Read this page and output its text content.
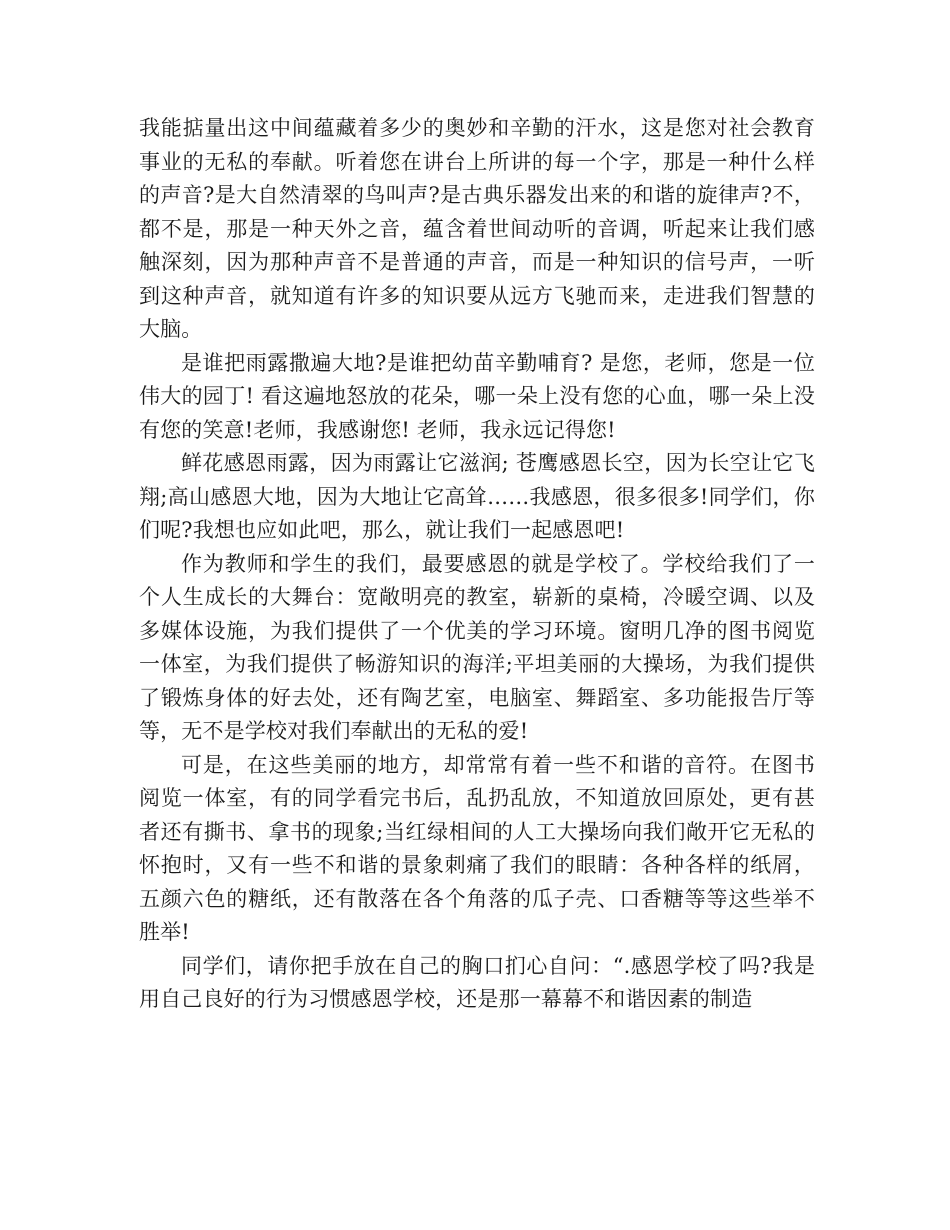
我能掂量出这中间蕴藏着多少的奥妙和辛勤的汗水，这是您对社会教育事业的无私的奉献。听着您在讲台上所讲的每一个字，那是一种什么样的声音?是大自然清翠的鸟叫声?是古典乐器发出来的和谐的旋律声?不，都不是，那是一种天外之音，蕴含着世间动听的音调，听起来让我们感触深刻，因为那种声音不是普通的声音，而是一种知识的信号声，一听到这种声音，就知道有许多的知识要从远方飞驰而来，走进我们智慧的大脑。

是谁把雨露撒遍大地?是谁把幼苗辛勤哺育? 是您，老师，您是一位伟大的园丁! 看这遍地怒放的花朵，哪一朵上没有您的心血，哪一朵上没有您的笑意!老师，我感谢您! 老师，我永远记得您!

鲜花感恩雨露，因为雨露让它滋润; 苍鹰感恩长空，因为长空让它飞翔;高山感恩大地，因为大地让它高耸……我感恩，很多很多!同学们，你们呢?我想也应如此吧，那么，就让我们一起感恩吧!

作为教师和学生的我们，最要感恩的就是学校了。学校给我们了一个人生成长的大舞台：宽敞明亮的教室，崭新的桌椅，冷暖空调、以及多媒体设施，为我们提供了一个优美的学习环境。窗明几净的图书阅览一体室，为我们提供了畅游知识的海洋;平坦美丽的大操场，为我们提供了锻炼身体的好去处，还有陶艺室，电脑室、舞蹈室、多功能报告厅等等，无不是学校对我们奉献出的无私的爱!

可是，在这些美丽的地方，却常常有着一些不和谐的音符。在图书阅览一体室，有的同学看完书后，乱扔乱放，不知道放回原处，更有甚者还有撕书、拿书的现象;当红绿相间的人工大操场向我们敞开它无私的怀抱时，又有一些不和谐的景象刺痛了我们的眼睛：各种各样的纸屑，五颜六色的糖纸，还有散落在各个角落的瓜子壳、口香糖等等这些举不胜举!

同学们，请你把手放在自己的胸口扪心自问：“.感恩学校了吗?我是用自己良好的行为习惯感恩学校，还是那一幕幕不和谐因素的制造
